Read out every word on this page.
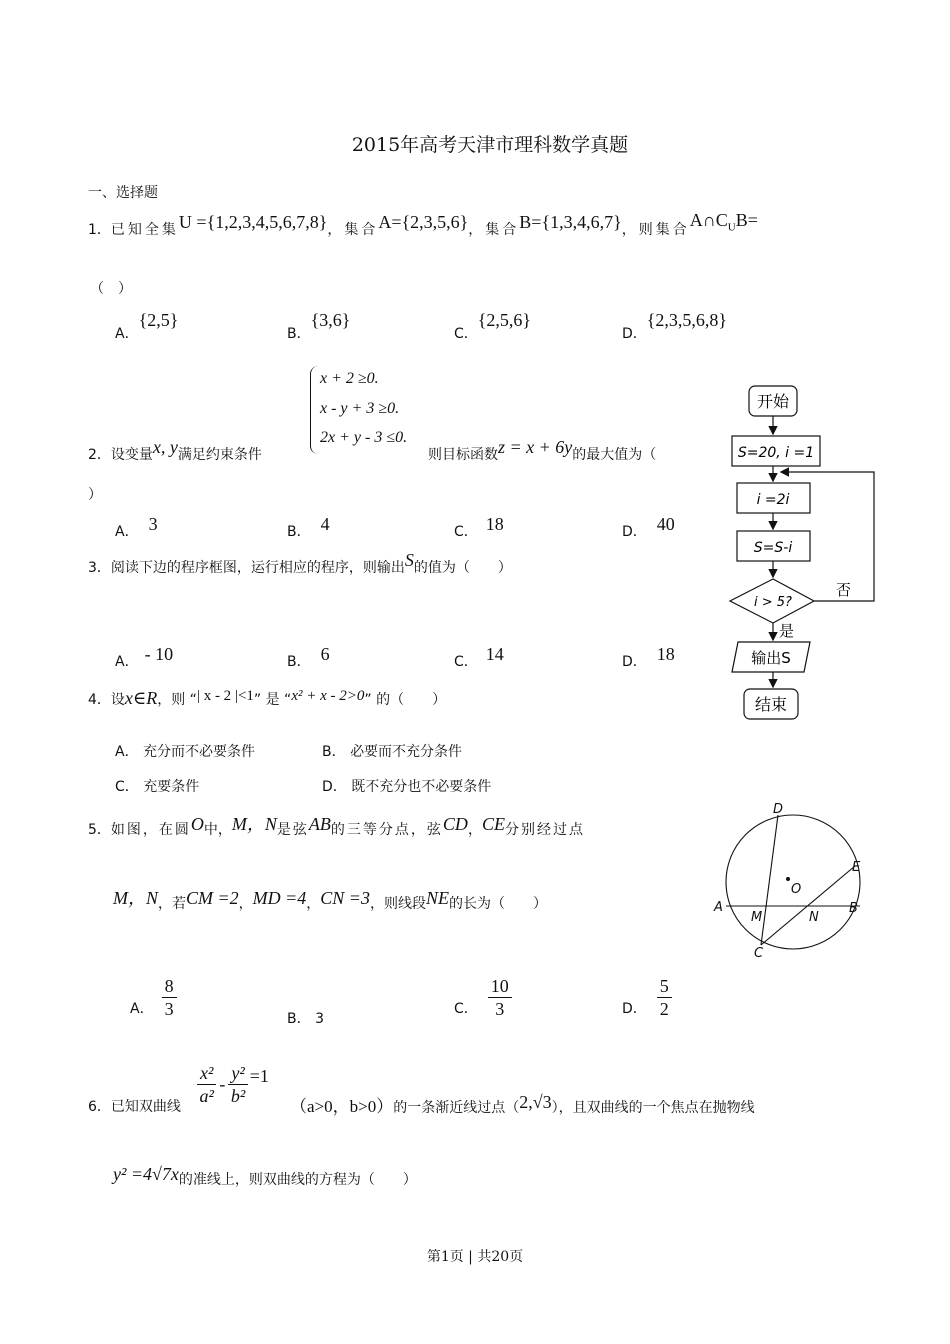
2015年高考天津市理科数学真题
一、选择题
1．已知全集U ={1,2,3,4,5,6,7,8}，集合A={2,3,5,6}，集合B={1,3,4,6,7}，则集合$A\cap C_UB=$
（　）
A．{2,5}
B．{3,6}
C．{2,5,6}
D．{2,3,5,6,8}
x + 2 ≥0.
x - y + 3 ≥0.
2x + y - 3 ≤0.
2．设变量x, y满足约束条件	则目标函数z = x + 6y的最大值为（
）
A． 3	B． 4	C． 18	D． 40
3．阅读下边的程序框图，运行相应的程序，则输出S的值为（　　）
A． - 10	B． 6	C． 14	D． 18
4．设x∈R，则 “| x - 2 |<1” 是 “x² + x - 2>0” 的（　　）
A． 充分而不必要条件	B． 必要而不充分条件
C． 充要条件	D． 既不充分也不必要条件
5．如图，在圆O中，M，N是弦AB的三等分点，弦CD，CE分别经过点
M，N，若CM =2，MD =4，CN =3，则线段NE的长为（　　）
A． $\frac{8}{3}$	B． 3
C． $\frac{10}{3}$	D． $\frac{5}{2}$
6．已知双曲线 $\frac{\text{x²}}{\text{a²}} - \frac{\text{y²}}{\text{b²}} =1$
（a>0，b>0）的一条渐近线过点（2,√3），且双曲线的一个焦点在抛物线
y² =4√7x的准线上，则双曲线的方程为（　　）
开始
S=20, i =1
i =2i
S=S-i
i > 5?
否
是
输出S
结束
A	B
C
D
E
M	N
O
第1页 | 共20页
